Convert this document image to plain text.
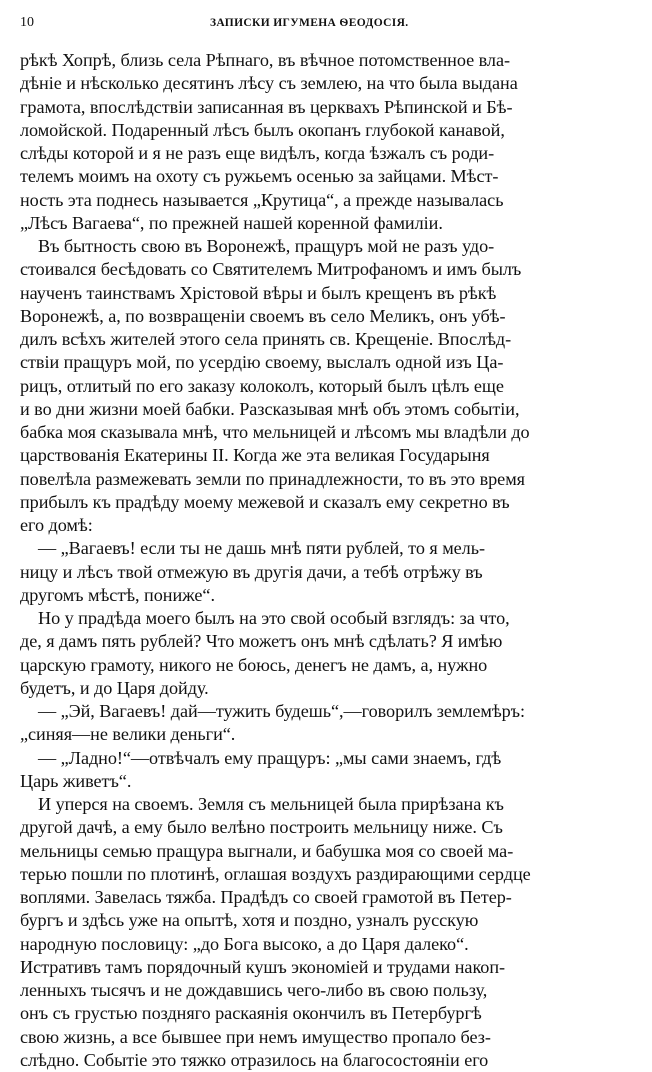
10	ЗАПИСКИ ИГУМЕНА ѲЕОДОСІЯ.
рѣкѣ Хопрѣ, близь села Рѣпнаго, въ вѣчное потомственное вла-
дѣніе и нѣсколько десятинъ лѣсу съ землею, на что была выдана
грамота, впослѣдствіи записанная въ церквахъ Рѣпинской и Бѣ-
ломойской. Подаренный лѣсъ былъ окопанъ глубокой канавой,
слѣды которой и я не разъ еще видѣлъ, когда ѣзжалъ съ роди-
телемъ моимъ на охоту съ ружьемъ осенью за зайцами. Мѣст-
ность эта поднесь называется „Крутица“, а прежде называлась
„Лѣсъ Вагаева“, по прежней нашей коренной фамиліи.
Въ бытность свою въ Воронежѣ, пращуръ мой не разъ удо-
стоивался бесѣдовать со Святителемъ Митрофаномъ и имъ былъ
наученъ таинствамъ Хрістовой вѣры и былъ крещенъ въ рѣкѣ
Воронежѣ, а, по возвращеніи своемъ въ село Меликъ, онъ убѣ-
дилъ всѣхъ жителей этого села принять св. Крещеніе. Впослѣд-
ствіи пращуръ мой, по усердію своему, выслалъ одной изъ Ца-
рицъ, отлитый по его заказу колоколъ, который былъ цѣлъ еще
и во дни жизни моей бабки. Разсказывая мнѣ объ этомъ событіи,
бабка моя сказывала мнѣ, что мельницей и лѣсомъ мы владѣли до
царствованія Екатерины II. Когда же эта великая Государыня
повелѣла размежевать земли по принадлежности, то въ это время
прибылъ къ прадѣду моему межевой и сказалъ ему секретно въ
его домѣ:
— „Вагаевъ! если ты не дашь мнѣ пяти рублей, то я мель-
ницу и лѣсъ твой отмежую въ другія дачи, а тебѣ отрѣжу въ
другомъ мѣстѣ, пониже“.
Но у прадѣда моего былъ на это свой особый взглядъ: за что,
де, я дамъ пять рублей? Что можетъ онъ мнѣ сдѣлать? Я имѣю
царскую грамоту, никого не боюсь, денегъ не дамъ, а, нужно
будетъ, и до Царя дойду.
— „Эй, Вагаевъ! дай—тужить будешь“,—говорилъ землемѣръ:
„синяя—не велики деньги“.
— „Ладно!“—отвѣчалъ ему пращуръ: „мы сами знаемъ, гдѣ
Царь живетъ“.
И уперся на своемъ. Земля съ мельницей была прирѣзана къ
другой дачѣ, а ему было велѣно построить мельницу ниже. Съ
мельницы семью пращура выгнали, и бабушка моя со своей ма-
терью пошли по плотинѣ, оглашая воздухъ раздирающими сердце
воплями. Завелась тяжба. Прадѣдъ со своей грамотой въ Петер-
бургъ и здѣсь уже на опытѣ, хотя и поздно, узналъ русскую
народную пословицу: „до Бога высоко, а до Царя далеко“.
Истративъ тамъ порядочный кушъ экономіей и трудами накоп-
ленныхъ тысячъ и не дождавшись чего-либо въ свою пользу,
онъ съ грустью поздняго раскаянія окончилъ въ Петербургѣ
свою жизнь, а все бывшее при немъ имущество пропало без-
слѣдно. Событіе это тяжко отразилось на благосостояніи его
